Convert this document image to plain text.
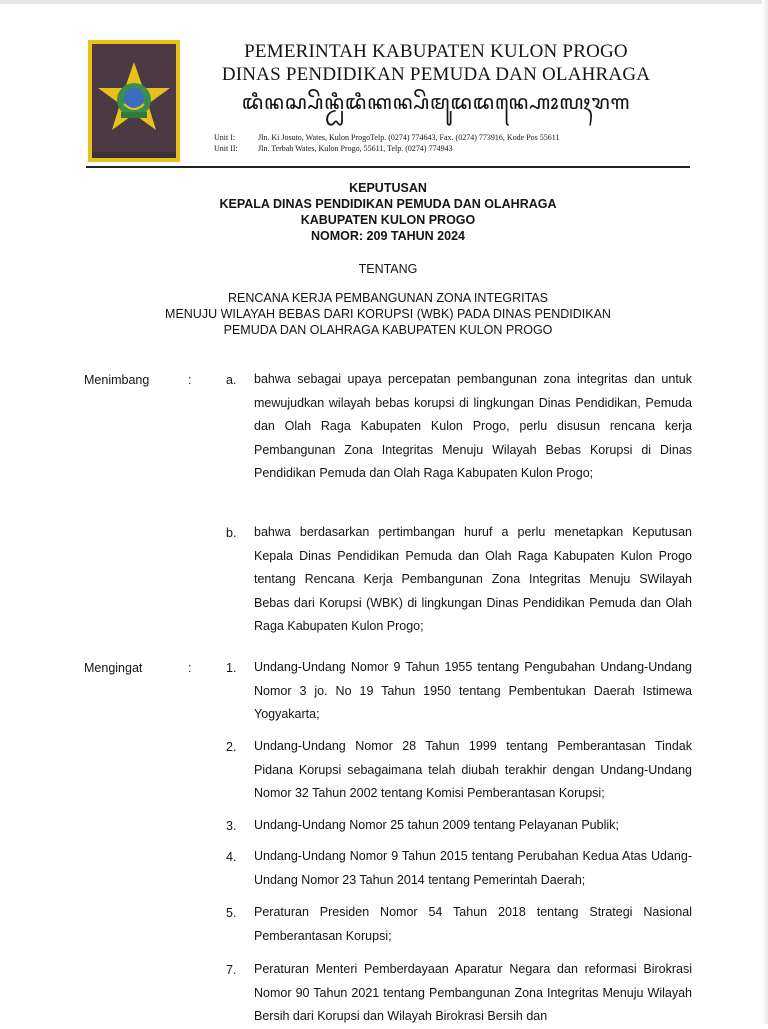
PEMERINTAH KABUPATEN KULON PROGO
DINAS PENDIDIKAN PEMUDA DAN OLAHRAGA
ꦢꦶꦤꦱ꧀ꦥꦼꦤ꧀ꦝꦶꦢꦶꦏꦤ꧀ꦥꦼꦩꦸꦢꦢꦤ꧀ꦲꦺꦴꦭꦃꦫꦒ
Unit I:	Jln. Ki Josuto, Wates, Kulon ProgoTelp. (0274) 774643, Fax. (0274) 773916, Kode Pos 55611
Unit II:	Jln. Terbah Wates, Kulon Progo, 55611, Telp. (0274) 774943
KEPUTUSAN
KEPALA DINAS PENDIDIKAN PEMUDA DAN OLAHRAGA
KABUPATEN KULON PROGO
NOMOR: 209 TAHUN 2024
TENTANG
RENCANA KERJA PEMBANGUNAN ZONA INTEGRITAS
MENUJU WILAYAH BEBAS DARI KORUPSI (WBK) PADA DINAS PENDIDIKAN
PEMUDA DAN OLAHRAGA KABUPATEN KULON PROGO
Menimbang	:	a. bahwa sebagai upaya percepatan pembangunan zona integritas dan untuk mewujudkan wilayah bebas korupsi di lingkungan Dinas Pendidikan, Pemuda dan Olah Raga Kabupaten Kulon Progo, perlu disusun rencana kerja Pembangunan Zona Integritas Menuju Wilayah Bebas Korupsi di Dinas Pendidikan Pemuda dan Olah Raga Kabupaten Kulon Progo;

b. bahwa berdasarkan pertimbangan huruf a perlu menetapkan Keputusan Kepala Dinas Pendidikan Pemuda dan Olah Raga Kabupaten Kulon Progo tentang Rencana Kerja Pembangunan Zona Integritas Menuju SWilayah Bebas dari Korupsi (WBK) di lingkungan Dinas Pendidikan Pemuda dan Olah Raga Kabupaten Kulon Progo;

Mengingat	:	1. Undang-Undang Nomor 9 Tahun 1955 tentang Pengubahan Undang-Undang Nomor 3 jo. No 19 Tahun 1950 tentang Pembentukan Daerah Istimewa Yogyakarta;

2. Undang-Undang Nomor 28 Tahun 1999 tentang Pemberantasan Tindak Pidana Korupsi sebagaimana telah diubah terakhir dengan Undang-Undang Nomor 32 Tahun 2002 tentang Komisi Pemberantasan Korupsi;

3. Undang-Undang Nomor 25 tahun 2009 tentang Pelayanan Publik;

4. Undang-Undang Nomor 9 Tahun 2015 tentang Perubahan Kedua Atas Udang-Undang Nomor 23 Tahun 2014 tentang Pemerintah Daerah;

5. Peraturan Presiden Nomor 54 Tahun 2018 tentang Strategi Nasional Pemberantasan Korupsi;

7. Peraturan Menteri Pemberdayaan Aparatur Negara dan reformasi Birokrasi Nomor 90 Tahun 2021 tentang Pembangunan Zona Integritas Menuju Wilayah Bersih dari Korupsi dan Wilayah Birokrasi Bersih dan
